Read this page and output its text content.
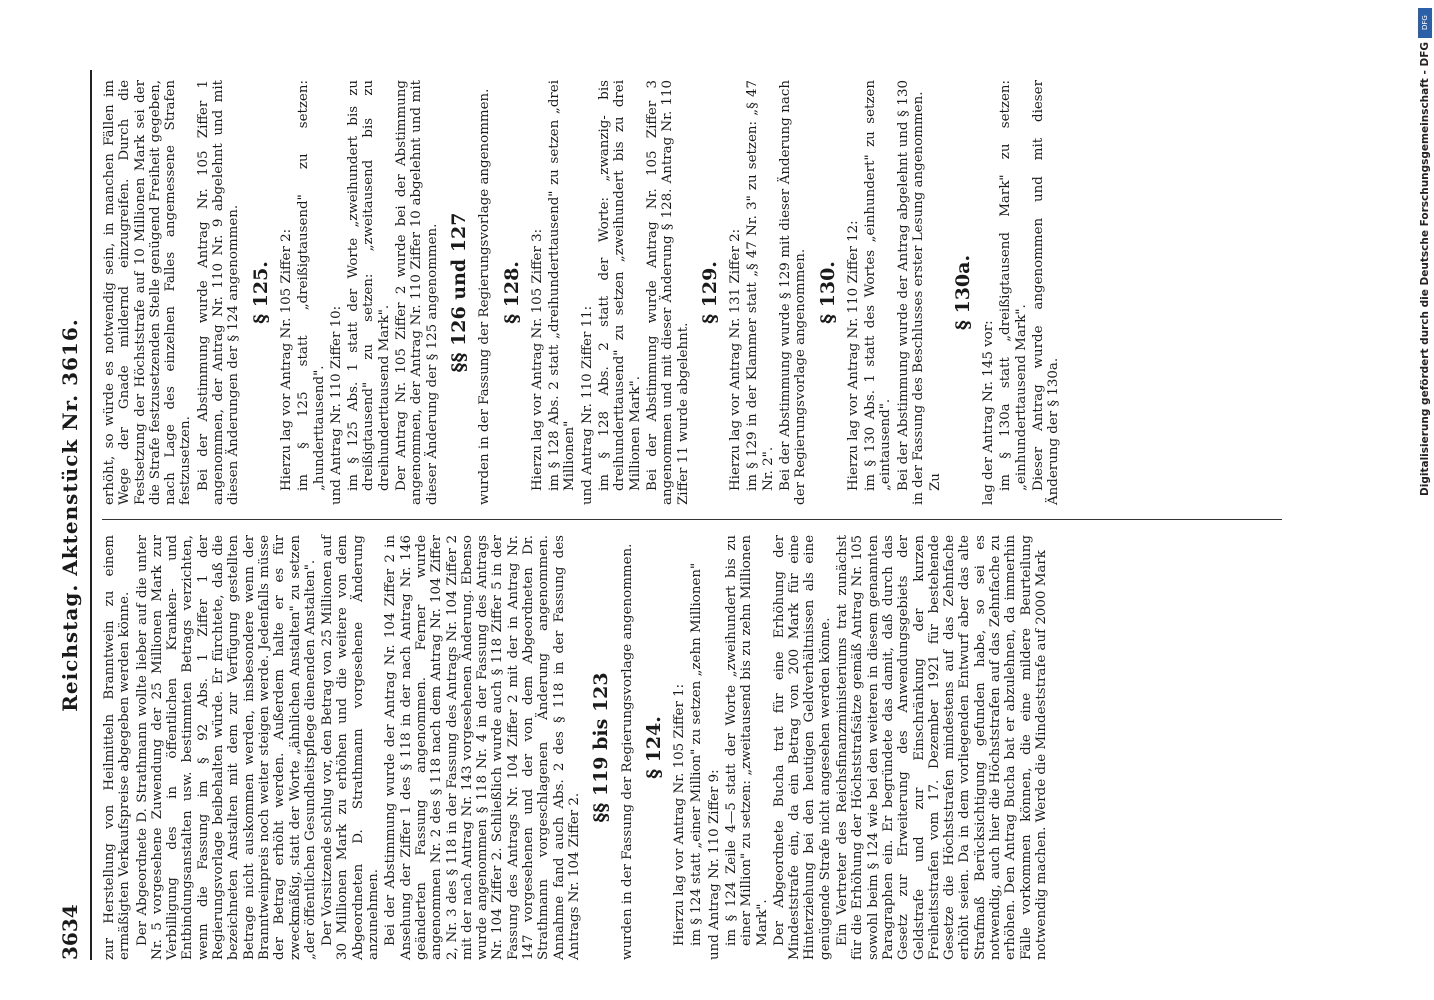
3634
Reichstag. Aktenstück Nr. 3616.

zur Herstellung von Heilmitteln Branntwein zu einem ermäßigten Verkaufspreise abgegeben werden könne. Der Abgeordnete D. Strathmann wollte lieber auf die unter Nr. 5 vorgesehene Zuwendung der 25 Millionen Mark zur Verbilligung des in öffentlichen Kranken- und Entbindungsanstalten usw. bestimmten Betrags verzichten, wenn die Fassung im § 92 Abs. 1 Ziffer 1 der Regierungsvorlage beibehalten würde. Er fürchtete, daß die bezeichneten Anstalten mit dem zur Verfügung gestellten Betrage nicht auskommen werden, insbesondere wenn der Branntweinpreis noch weiter steigen werde. Jedenfalls müsse der Betrag erhöht werden. Außerdem halte er es für zweckmäßig, statt der Worte „ähnlichen Anstalten" zu setzen „der öffentlichen Gesundheitspflege dienenden Anstalten". Der Vorsitzende schlug vor, den Betrag von 25 Millionen auf 30 Millionen Mark zu erhöhen und die weitere von dem Abgeordneten D. Strathmann vorgesehene Änderung anzunehmen. Bei der Abstimmung wurde der Antrag Nr. 104 Ziffer 2 in Ansehung der Ziffer 1 des § 118 in der nach Antrag Nr. 146 geänderten Fassung angenommen. Ferner wurde angenommen Nr. 2 des § 118 nach dem Antrag Nr. 104 Ziffer 2, Nr. 3 des § 118 in der Fassung des Antrags Nr. 104 Ziffer 2 mit der nach Antrag Nr. 143 vorgesehenen Änderung. Ebenso wurde angenommen § 118 Nr. 4 in der Fassung des Antrags Nr. 104 Ziffer 2. Schließlich wurde auch § 118 Ziffer 5 in der Fassung des Antrags Nr. 104 Ziffer 2 mit der in Antrag Nr. 147 vorgesehenen und der von dem Abgeordneten Dr. Strathmann vorgeschlagenen Änderung angenommen. Annahme fand auch Abs. 2 des § 118 in der Fassung des Antrags Nr. 104 Ziffer 2.

§§ 119 bis 123 wurden in der Fassung der Regierungsvorlage angenommen. § 124. Hierzu lag vor Antrag Nr. 105 Ziffer 1: im § 124 statt „einer Million" zu setzen „zehn Millionen" und Antrag Nr. 110 Ziffer 9: im § 124 Zeile 4—5 statt der Worte „zweihundert bis zu einer Million" zu setzen: „zweitausend bis zu zehn Millionen Mark". Der Abgeordnete Bucha trat für eine Erhöhung der Mindeststrafe ein, da ein Betrag von 200 Mark für eine Hinterziehung bei den heutigen Geldverhältnissen als eine genügende Strafe nicht angesehen werden könne. Ein Vertreter des Reichsfinanzministeriums trat zunächst für die Erhöhung der Höchststrafsätze gemäß Antrag Nr. 105 sowohl beim § 124 wie bei den weiteren in diesem genannten Paragraphen ein. Er begründete das damit, daß durch das Gesetz zur Erweiterung des Anwendungsgebiets der Geldstrafe und zur Einschränkung der kurzen Freiheitsstrafen vom 17. Dezember 1921 für bestehende Gesetze die Höchststrafen mindestens auf das Zehnfache erhöht seien. Da in dem vorliegenden Entwurf aber das alte Strafmaß Berücksichtigung gefunden habe, so sei es notwendig, auch hier die Höchststrafen auf das Zehnfache zu erhöhen. Den Antrag Bucha bat er abzulehnen, da immerhin Fälle vorkommen können, die eine mildere Beurteilung notwendig machen. Werde die Mindeststrafe auf 2000 Mark

erhöht, so würde es notwendig sein, in manchen Fällen im Wege der Gnade mildernd einzugreifen. Durch die Festsetzung der Höchststrafe auf 10 Millionen Mark sei der die Strafe festzusetzenden Stelle genügend Freiheit gegeben, nach Lage des einzelnen Falles angemessene Strafen festzusetzen. Bei der Abstimmung wurde Antrag Nr. 105 Ziffer 1 angenommen, der Antrag Nr. 110 Nr. 9 abgelehnt und mit diesen Änderungen der § 124 angenommen. § 125. Hierzu lag vor Antrag Nr. 105 Ziffer 2: im § 125 statt „dreißigtausend" zu setzen: „hunderttausend". und Antrag Nr. 110 Ziffer 10: im § 125 Abs. 1 statt der Worte „zweihundert bis zu dreißigtausend" zu setzen: „zweitausend bis zu dreihunderttausend Mark". Der Antrag Nr. 105 Ziffer 2 wurde bei der Abstimmung angenommen, der Antrag Nr. 110 Ziffer 10 abgelehnt und mit dieser Änderung der § 125 angenommen. §§ 126 und 127 wurden in der Fassung der Regierungsvorlage angenommen. § 128. Hierzu lag vor Antrag Nr. 105 Ziffer 3: im § 128 Abs. 2 statt „dreihunderttausend" zu setzen „drei Millionen" und Antrag Nr. 110 Ziffer 11: im § 128 Abs. 2 statt der Worte: „zwanzig- bis dreihunderttausend" zu setzen „zweihundert bis zu drei Millionen Mark". Bei der Abstimmung wurde Antrag Nr. 105 Ziffer 3 angenommen und mit dieser Änderung § 128. Antrag Nr. 110 Ziffer 11 wurde abgelehnt.

§ 129. Hierzu lag vor Antrag Nr. 131 Ziffer 2: im § 129 in der Klammer statt „§ 47 Nr. 3" zu setzen: „§ 47 Nr. 2". Bei der Abstimmung wurde § 129 mit dieser Änderung nach der Regierungsvorlage angenommen. § 130. Hierzu lag vor Antrag Nr. 110 Ziffer 12: im § 130 Abs. 1 statt des Wortes „einhundert" zu setzen „eintausend". Bei der Abstimmung wurde der Antrag abgelehnt und § 130 in der Fassung des Beschlusses erster Lesung angenommen. Zu

§ 130a.

lag der Antrag Nr. 145 vor: im § 130a statt „dreißigtausend Mark" zu setzen: „einhunderttausend Mark". Dieser Antrag wurde angenommen und mit dieser Änderung der § 130a.

DFG
Digitalisierung gefördert durch die Deutsche Forschungsgemeinschaft - DFG
